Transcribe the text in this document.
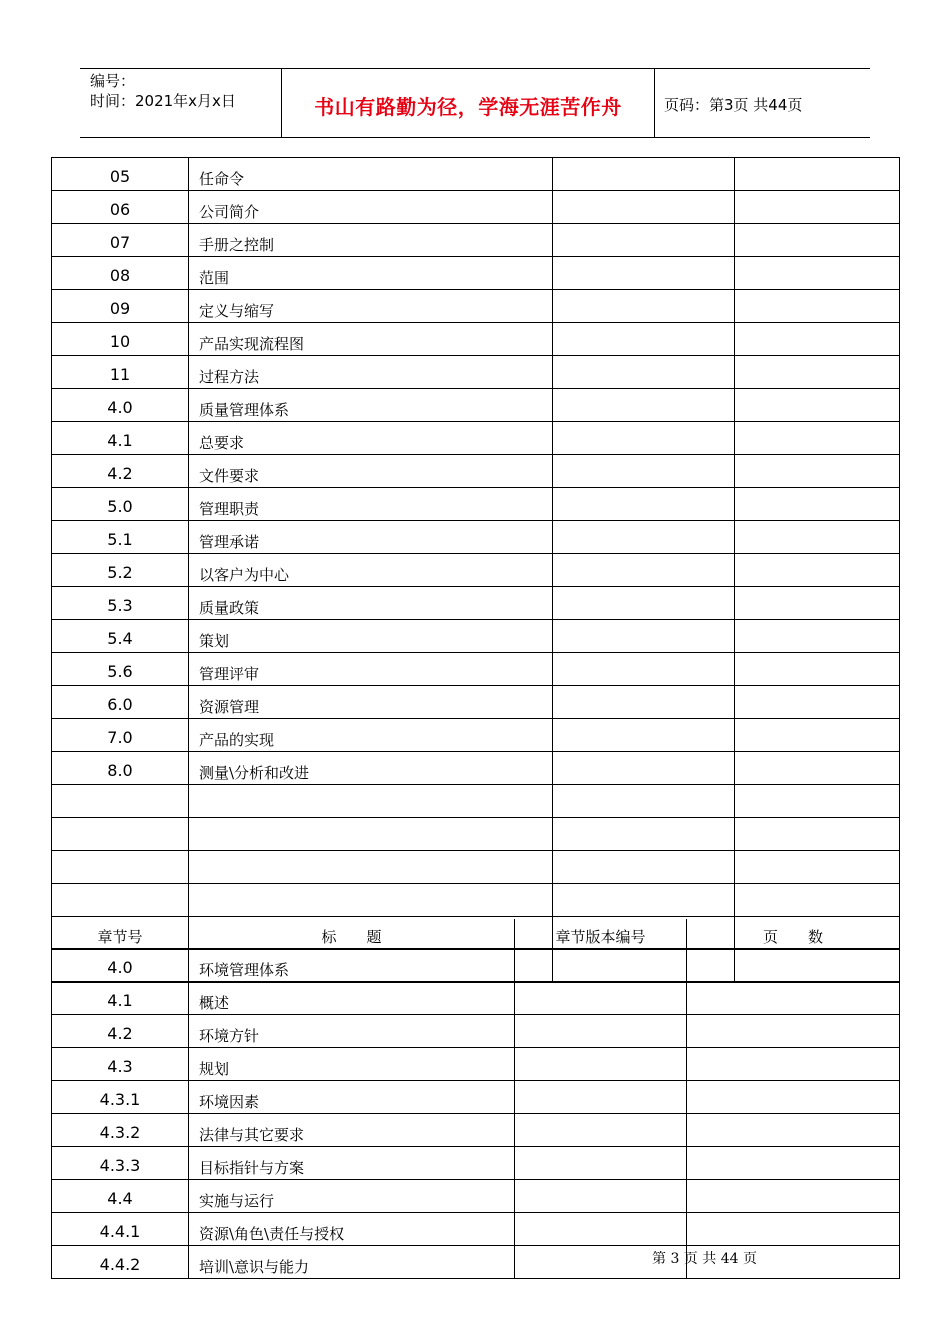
编号：
时间：2021年x月x日	书山有路勤为径，学海无涯苦作舟	页码：第3页 共44页
05	任命令		
06	公司简介		
07	手册之控制		
08	范围		
09	定义与缩写		
10	产品实现流程图		
11	过程方法		
4.0	质量管理体系		
4.1	总要求		
4.2	文件要求		
5.0	管理职责		
5.1	管理承诺		
5.2	以客户为中心		
5.3	质量政策		
5.4	策划		
5.6	管理评审		
6.0	资源管理		
7.0	产品的实现		
8.0	测量\分析和改进		

章节号	标　　题	章节版本编号	页　　数
4.0	环境管理体系		
4.1	概述		
4.2	环境方针		
4.3	规划		
4.3.1	环境因素		
4.3.2	法律与其它要求		
4.3.3	目标指针与方案		
4.4	实施与运行		
4.4.1	资源\角色\责任与授权		
4.4.2	培训\意识与能力			第 3 页 共 44 页
